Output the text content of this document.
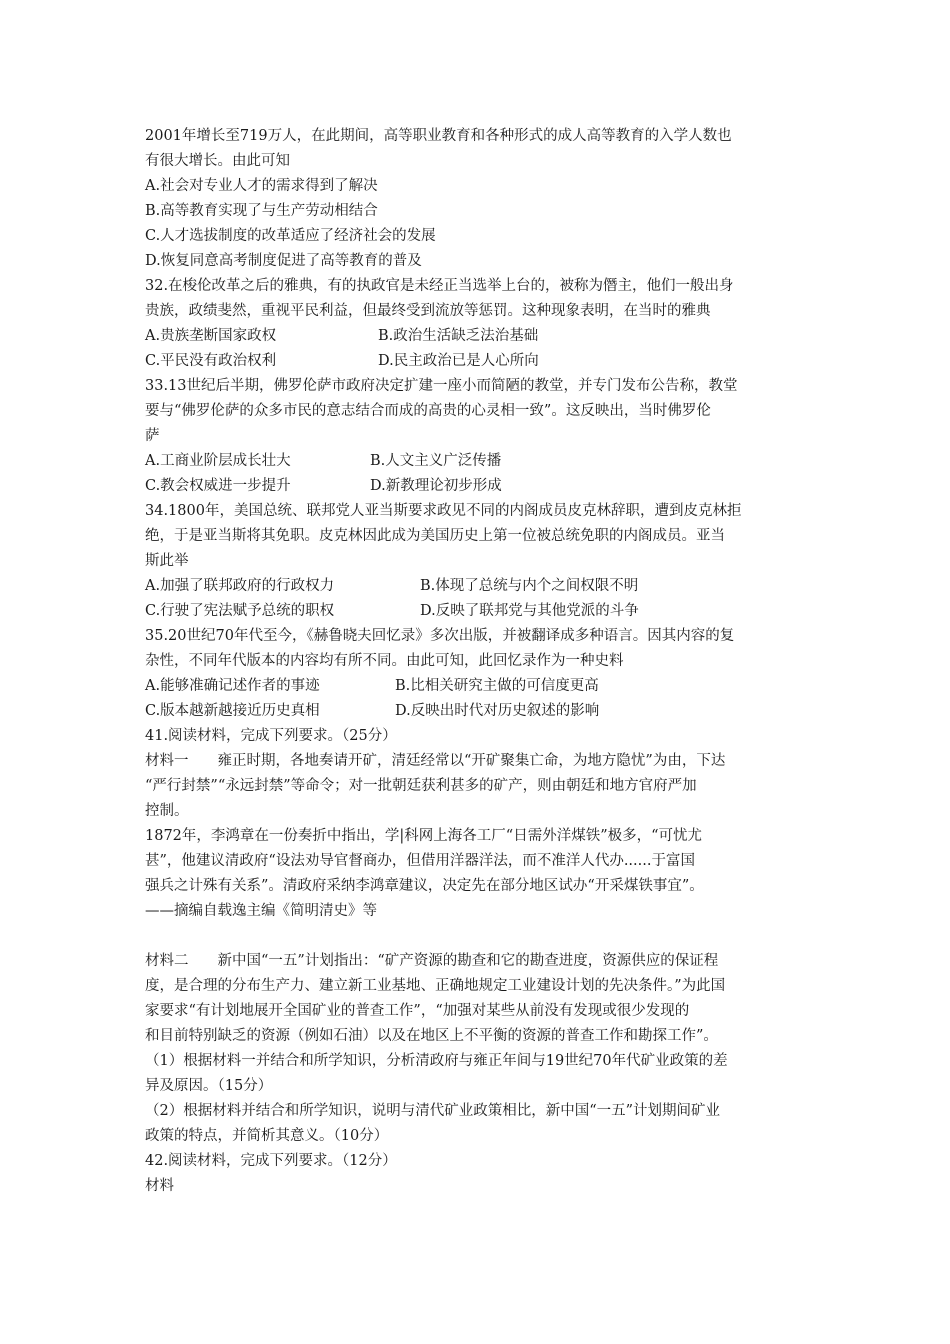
2001年增长至719万人，在此期间，高等职业教育和各种形式的成人高等教育的入学人数也
有很大增长。由此可知
A.社会对专业人才的需求得到了解决
B.高等教育实现了与生产劳动相结合
C.人才选拔制度的改革适应了经济社会的发展
D.恢复同意高考制度促进了高等教育的普及
32.在梭伦改革之后的雅典，有的执政官是未经正当选举上台的，被称为僭主，他们一般出身
贵族，政绩斐然，重视平民利益，但最终受到流放等惩罚。这种现象表明，在当时的雅典
A.贵族垄断国家政权	B.政治生活缺乏法治基础
C.平民没有政治权利	D.民主政治已是人心所向
33.13世纪后半期，佛罗伦萨市政府决定扩建一座小而简陋的教堂，并专门发布公告称，教堂
要与“佛罗伦萨的众多市民的意志结合而成的高贵的心灵相一致”。这反映出，当时佛罗伦
萨
A.工商业阶层成长壮大	B.人文主义广泛传播
C.教会权威进一步提升	D.新教理论初步形成
34.1800年，美国总统、联邦党人亚当斯要求政见不同的内阁成员皮克林辞职，遭到皮克林拒
绝，于是亚当斯将其免职。皮克林因此成为美国历史上第一位被总统免职的内阁成员。亚当
斯此举
A.加强了联邦政府的行政权力	B.体现了总统与内个之间权限不明
C.行驶了宪法赋予总统的职权	D.反映了联邦党与其他党派的斗争
35.20世纪70年代至今，《赫鲁晓夫回忆录》多次出版，并被翻译成多种语言。因其内容的复
杂性，不同年代版本的内容均有所不同。由此可知，此回忆录作为一种史料
A.能够准确记述作者的事迹	B.比相关研究主做的可信度更高
C.版本越新越接近历史真相	D.反映出时代对历史叙述的影响
41.阅读材料，完成下列要求。（25分）
材料一　　雍正时期，各地奏请开矿，清廷经常以“开矿聚集亡命，为地方隐忧”为由，下达
“严行封禁”“永远封禁”等命令；对一批朝廷获利甚多的矿产，则由朝廷和地方官府严加
控制。
1872年，李鸿章在一份奏折中指出，学|科网上海各工厂“日需外洋煤铁”极多，“可忧尤
甚”，他建议清政府“设法劝导官督商办，但借用洋器洋法，而不准洋人代办......于富国
强兵之计殊有关系”。清政府采纳李鸿章建议，决定先在部分地区试办“开采煤铁事宜”。
——摘编自载逸主编《简明清史》等
材料二　　新中国“一五”计划指出：“矿产资源的勘查和它的勘查进度，资源供应的保证程
度，是合理的分布生产力、建立新工业基地、正确地规定工业建设计划的先决条件。”为此国
家要求“有计划地展开全国矿业的普查工作”，“加强对某些从前没有发现或很少发现的
和目前特别缺乏的资源（例如石油）以及在地区上不平衡的资源的普查工作和勘探工作”。
（1）根据材料一并结合和所学知识，分析清政府与雍正年间与19世纪70年代矿业政策的差
异及原因。（15分）
（2）根据材料并结合和所学知识，说明与清代矿业政策相比，新中国“一五”计划期间矿业
政策的特点，并简析其意义。（10分）
42.阅读材料，完成下列要求。（12分）
材料
